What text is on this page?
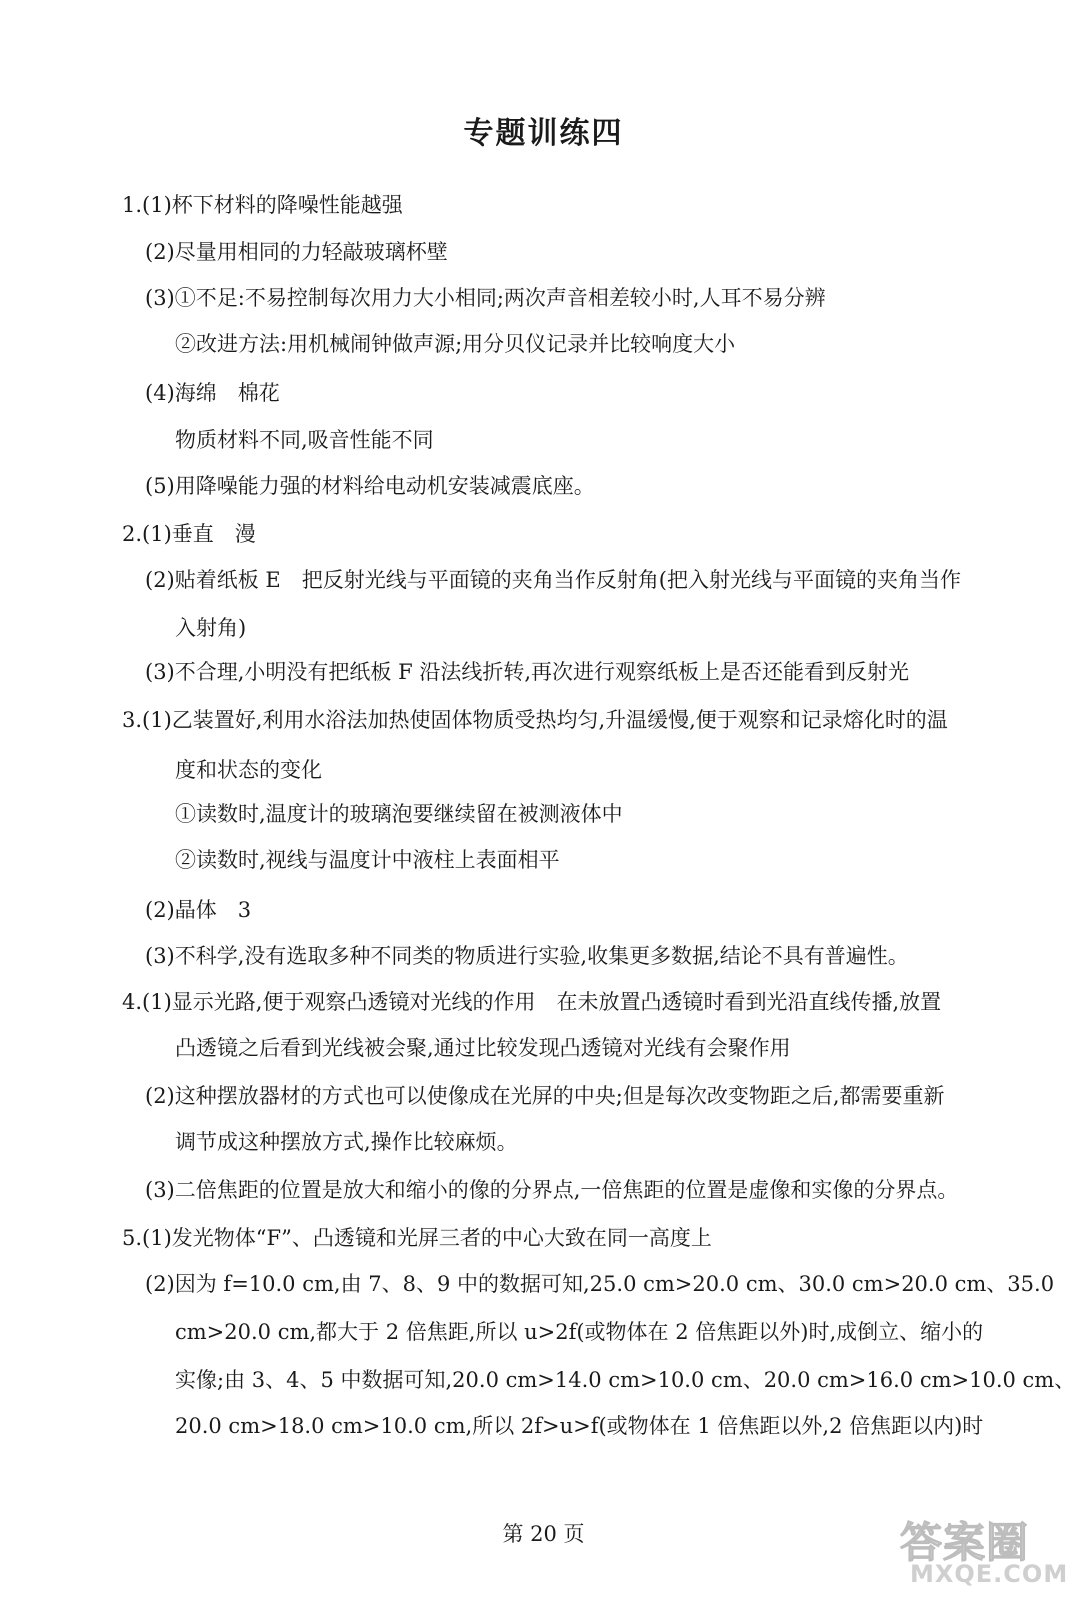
专题训练四
1.(1)杯下材料的降噪性能越强
(2)尽量用相同的力轻敲玻璃杯壁
(3)①不足:不易控制每次用力大小相同;两次声音相差较小时,人耳不易分辨
②改进方法:用机械闹钟做声源;用分贝仪记录并比较响度大小
(4)海绵　棉花
物质材料不同,吸音性能不同
(5)用降噪能力强的材料给电动机安装减震底座。
2.(1)垂直　漫
(2)贴着纸板 E　把反射光线与平面镜的夹角当作反射角(把入射光线与平面镜的夹角当作
入射角)
(3)不合理,小明没有把纸板 F 沿法线折转,再次进行观察纸板上是否还能看到反射光
3.(1)乙装置好,利用水浴法加热使固体物质受热均匀,升温缓慢,便于观察和记录熔化时的温
度和状态的变化
①读数时,温度计的玻璃泡要继续留在被测液体中
②读数时,视线与温度计中液柱上表面相平
(2)晶体　3
(3)不科学,没有选取多种不同类的物质进行实验,收集更多数据,结论不具有普遍性。
4.(1)显示光路,便于观察凸透镜对光线的作用　在未放置凸透镜时看到光沿直线传播,放置
凸透镜之后看到光线被会聚,通过比较发现凸透镜对光线有会聚作用
(2)这种摆放器材的方式也可以使像成在光屏的中央;但是每次改变物距之后,都需要重新
调节成这种摆放方式,操作比较麻烦。
(3)二倍焦距的位置是放大和缩小的像的分界点,一倍焦距的位置是虚像和实像的分界点。
5.(1)发光物体“F”、凸透镜和光屏三者的中心大致在同一高度上
(2)因为 f=10.0 cm,由 7、8、9 中的数据可知,25.0 cm>20.0 cm、30.0 cm>20.0 cm、35.0
cm>20.0 cm,都大于 2 倍焦距,所以 u>2f(或物体在 2 倍焦距以外)时,成倒立、缩小的
实像;由 3、4、5 中数据可知,20.0 cm>14.0 cm>10.0 cm、20.0 cm>16.0 cm>10.0 cm、
20.0 cm>18.0 cm>10.0 cm,所以 2f>u>f(或物体在 1 倍焦距以外,2 倍焦距以内)时
第 20 页	答案圈
MXQE.COM
